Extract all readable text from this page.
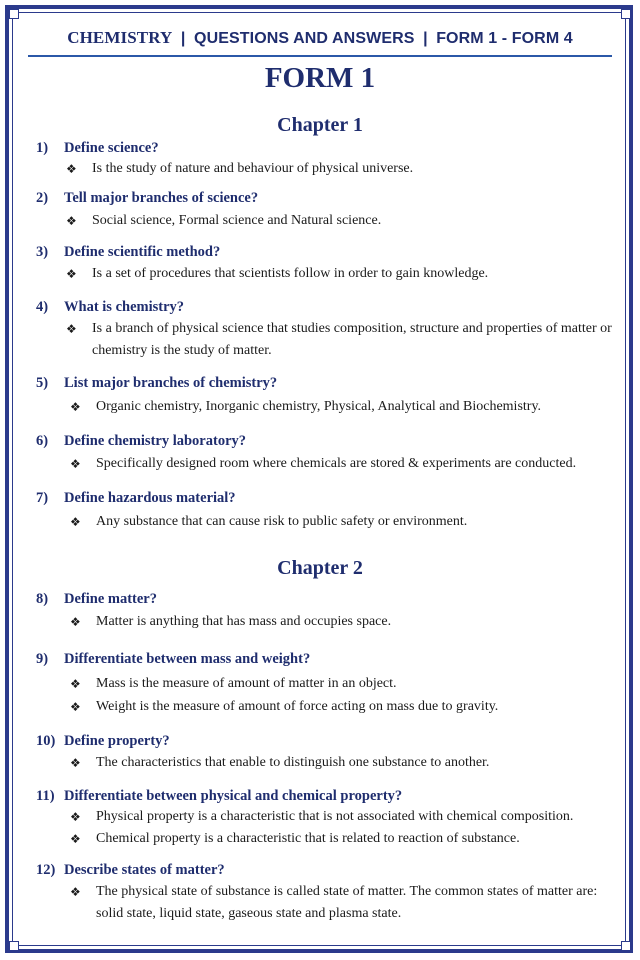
CHEMISTRY | QUESTIONS AND ANSWERS | FORM 1 - FORM 4
FORM 1
Chapter 1
Chapter 2
1) Define science?
❖	Is the study of nature and behaviour of physical universe.
2) Tell major branches of science?
❖	Social science, Formal science and Natural science.
3) Define scientific method?
❖	Is a set of procedures that scientists follow in order to gain knowledge.
4) What is chemistry?
❖	Is a branch of physical science that studies composition, structure and properties of matter or chemistry is the study of matter.
5) List major branches of chemistry?
❖	Organic chemistry, Inorganic chemistry, Physical, Analytical and Biochemistry.
6) Define chemistry laboratory?
❖	Specifically designed room where chemicals are stored & experiments are conducted.
7) Define hazardous material?
❖	Any substance that can cause risk to public safety or environment.
8) Define matter?
❖	Matter is anything that has mass and occupies space.
9) Differentiate between mass and weight?
❖	Mass is the measure of amount of matter in an object.
❖	Weight is the measure of amount of force acting on mass due to gravity.
10) Define property?
❖	The characteristics that enable to distinguish one substance to another.
11) Differentiate between physical and chemical property?
❖	Physical property is a characteristic that is not associated with chemical composition.
❖	Chemical property is a characteristic that is related to reaction of substance.
12) Describe states of matter?
❖	The physical state of substance is called state of matter. The common states of matter are: solid state, liquid state, gaseous state and plasma state.
